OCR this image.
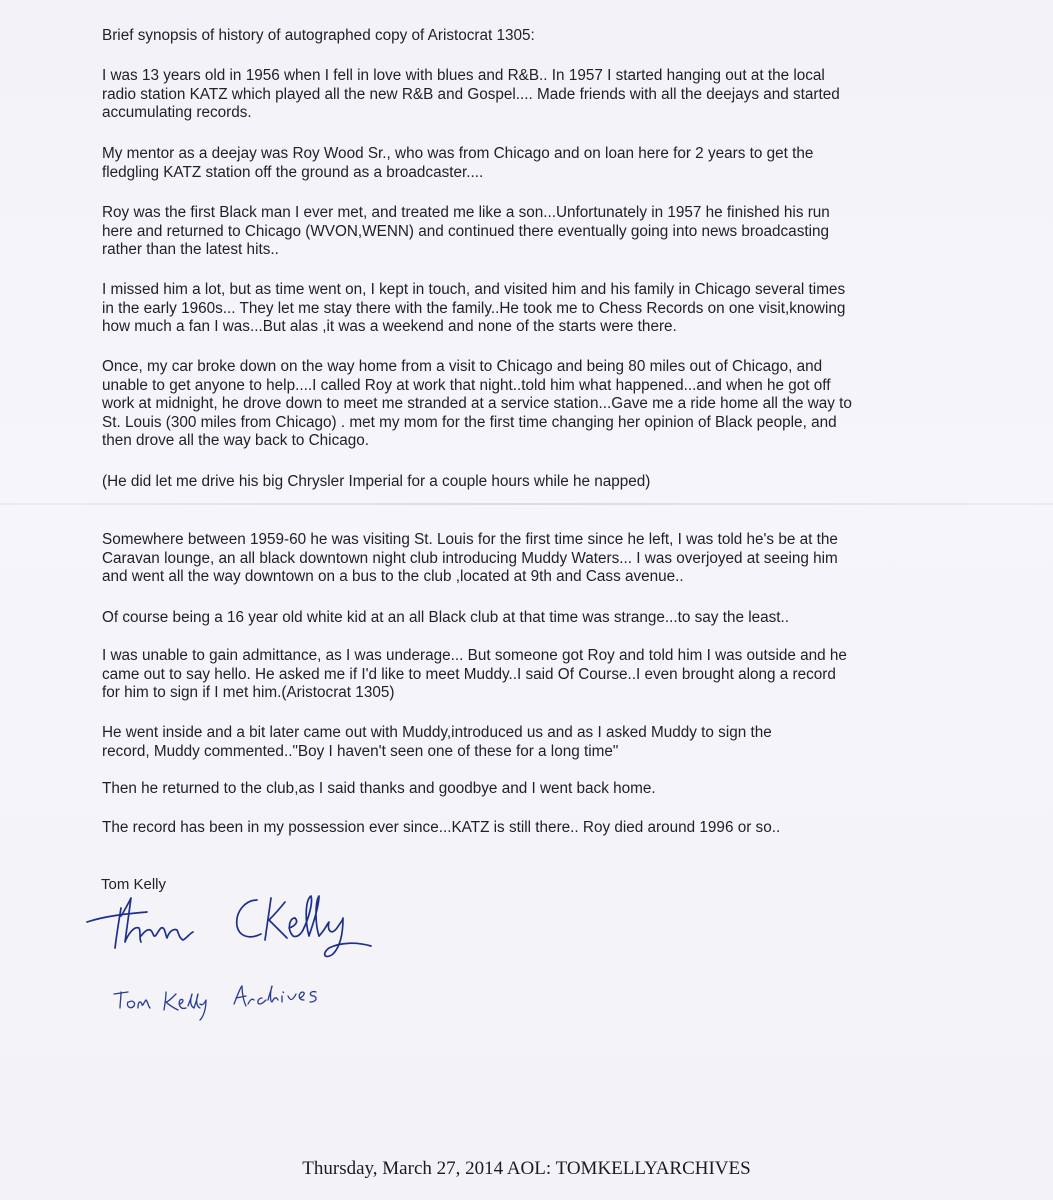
Brief synopsis of history of autographed copy of Aristocrat 1305:

I was 13 years old in 1956 when I fell in love with blues and R&B.. In 1957 I started hanging out at the local
radio station KATZ which played all the new R&B and Gospel.... Made friends with all the deejays and started
accumulating records.

My mentor as a deejay was Roy Wood Sr., who was from Chicago and on loan here for 2 years to get the
fledgling KATZ station off the ground as a broadcaster....

Roy was the first Black man I ever met, and treated me like a son...Unfortunately in 1957 he finished his run
here and returned to Chicago (WVON,WENN) and continued there eventually going into news broadcasting
rather than the latest hits..

I missed him a lot, but as time went on, I kept in touch, and visited him and his family in Chicago several times
in the early 1960s... They let me stay there with the family..He took me to Chess Records on one visit,knowing
how much a fan I was...But alas ,it was a weekend and none of the starts were there.

Once, my car broke down on the way home from a visit to Chicago and being 80 miles out of Chicago, and
unable to get anyone to help....I called Roy at work that night..told him what happened...and when he got off
work at midnight, he drove down to meet me stranded at a service station...Gave me a ride home all the way to
St. Louis (300 miles from Chicago) . met my mom for the first time changing her opinion of Black people, and
then drove all the way back to Chicago.

(He did let me drive his big Chrysler Imperial for a couple hours while he napped)

Somewhere between 1959-60 he was visiting St. Louis for the first time since he left, I was told he's be at the
Caravan lounge, an all black downtown night club introducing Muddy Waters... I was overjoyed at seeing him
and went all the way downtown on a bus to the club ,located at 9th and Cass avenue..

Of course being a 16 year old white kid at an all Black club at that time was strange...to say the least..

I was unable to gain admittance, as I was underage... But someone got Roy and told him I was outside and he
came out to say hello. He asked me if I'd like to meet Muddy..I said Of Course..I even brought along a record
for him to sign if I met him.(Aristocrat 1305)

He went inside and a bit later came out with Muddy,introduced us and as I asked Muddy to sign the
record, Muddy commented.."Boy I haven't seen one of these for a long time"

Then he returned to the club,as I said thanks and goodbye and I went back home.

The record has been in my possession ever since...KATZ is still there.. Roy died around 1996 or so..

Tom Kelly
Thursday, March 27, 2014 AOL: TOMKELLYARCHIVES
